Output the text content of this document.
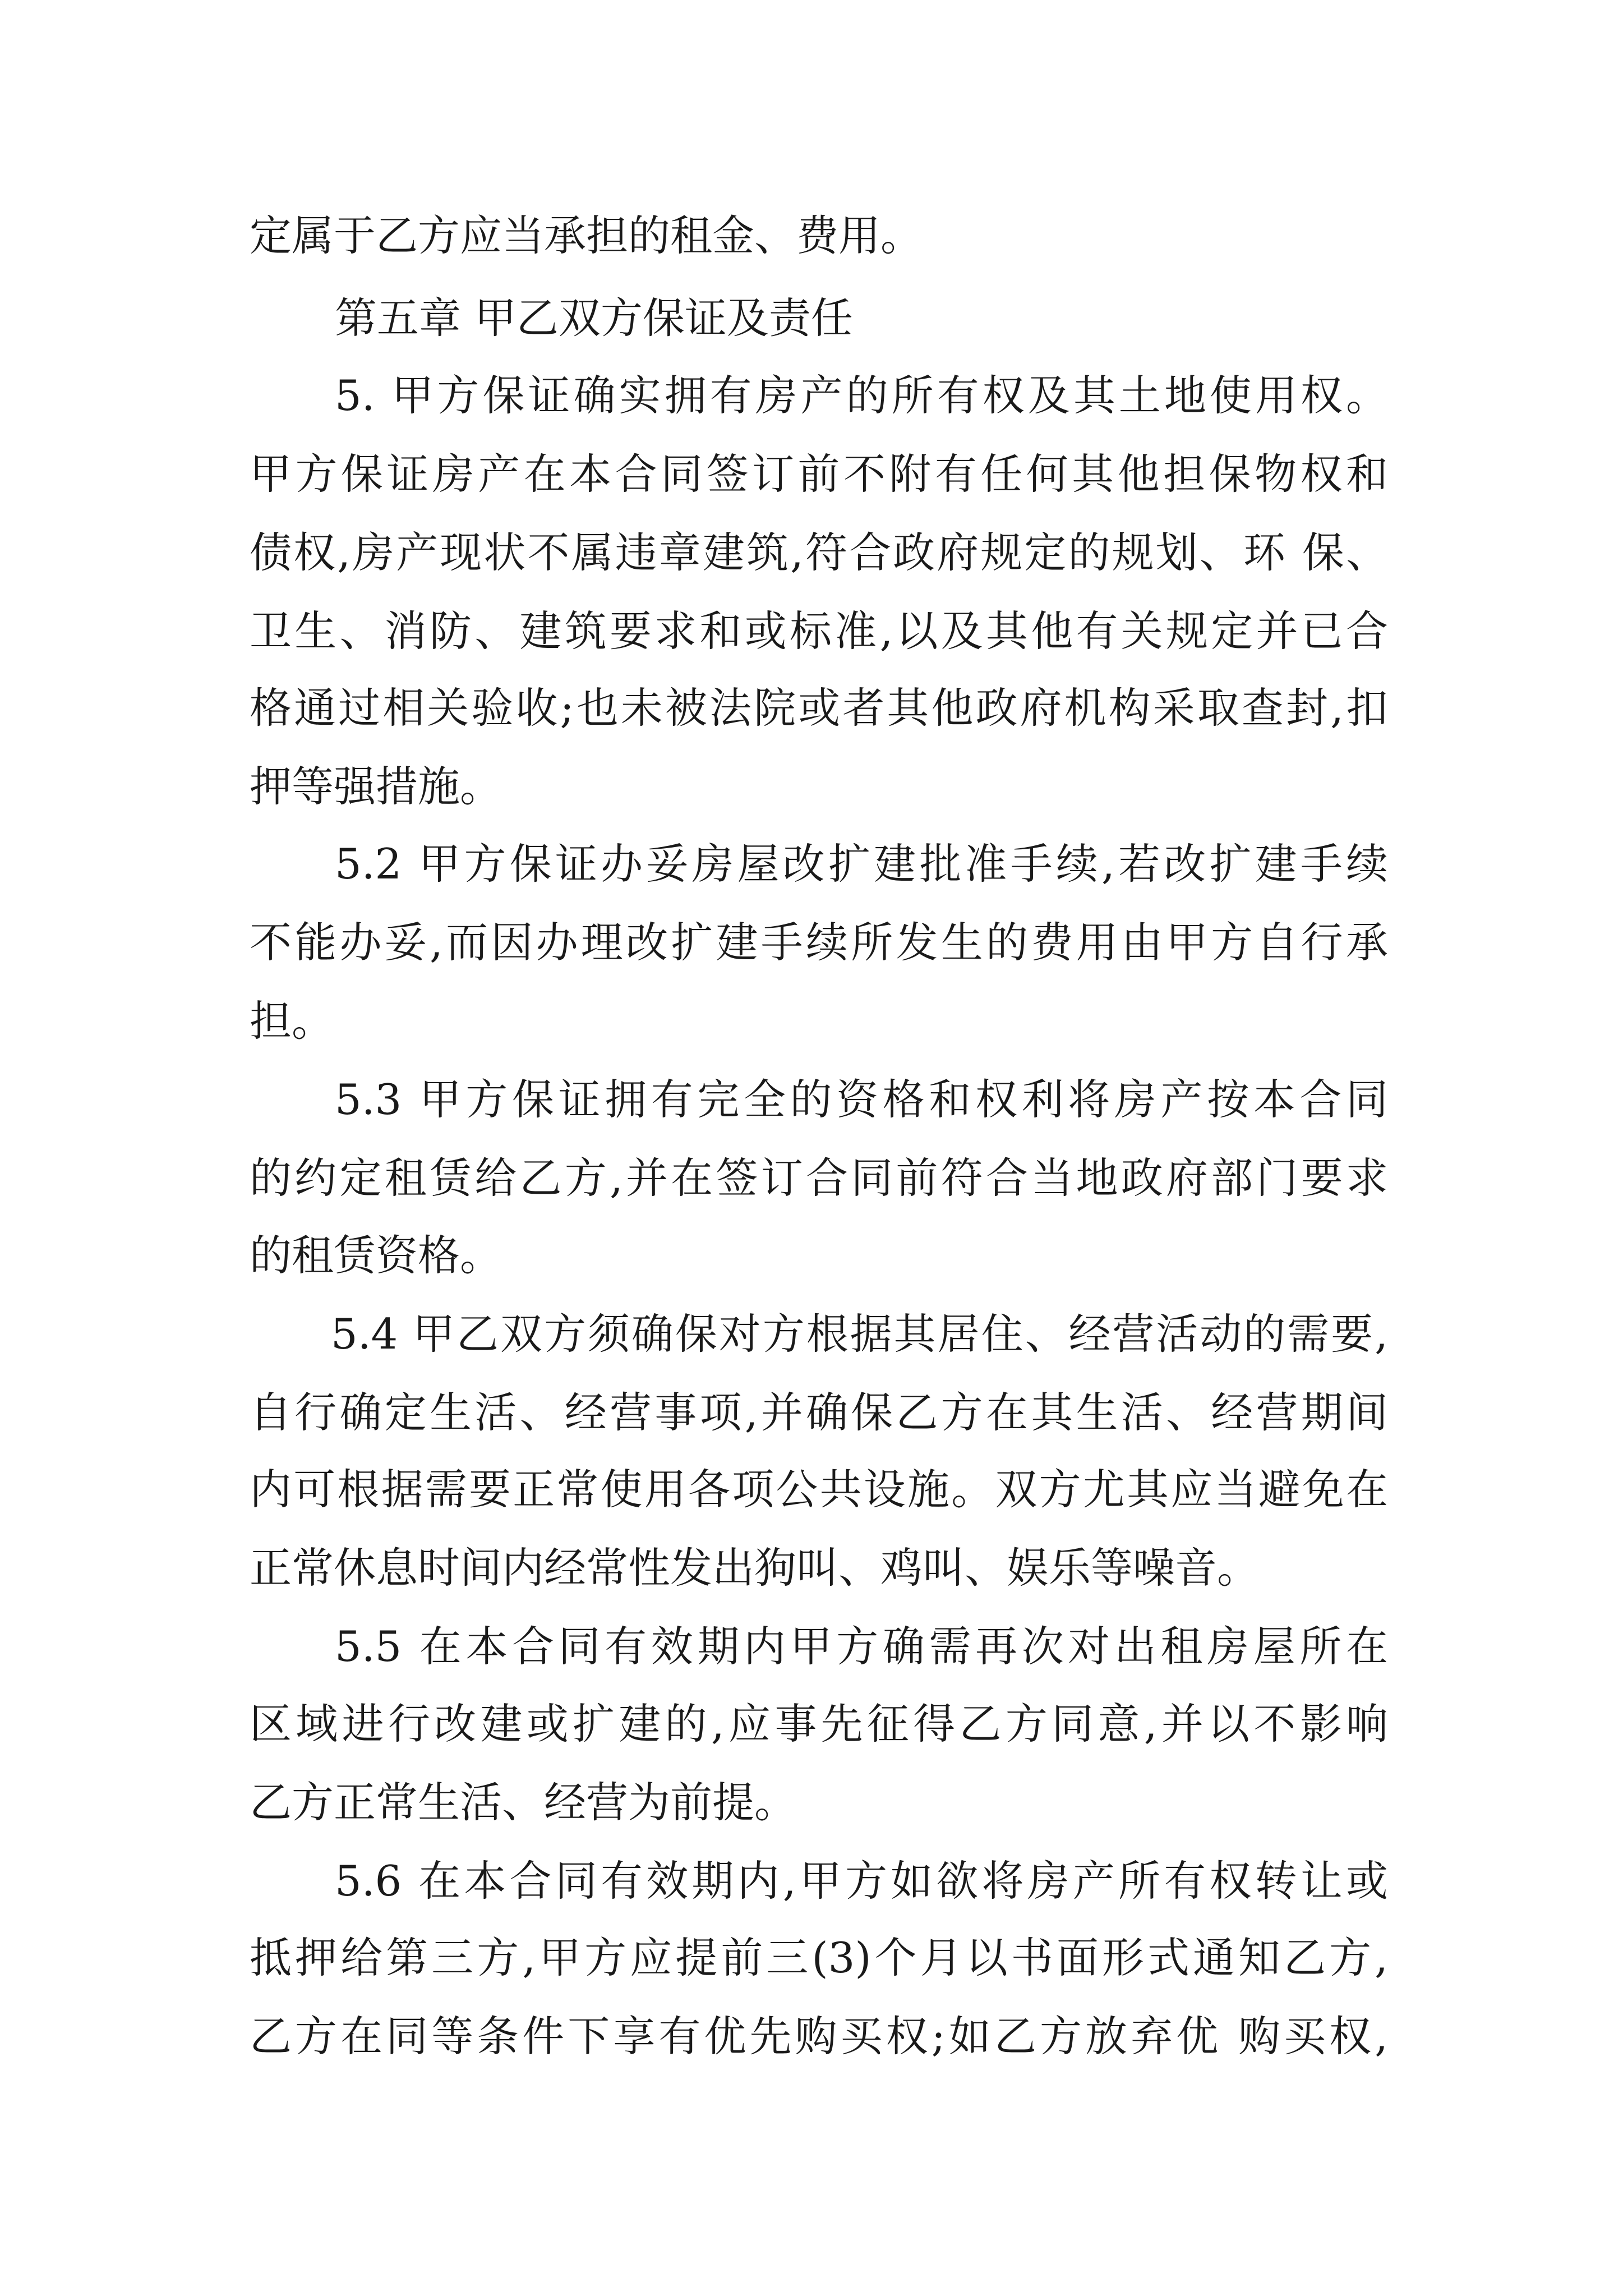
定属于乙方应当承担的租金、费用。
第五章 甲乙双方保证及责任
5. 甲方保证确实拥有房产的所有权及其土地使用权。
甲方保证房产在本合同签订前不附有任何其他担保物权和
债权,房产现状不属违章建筑,符合政府规定的规划、环 保、
卫生、消防、建筑要求和或标准,以及其他有关规定并已合
格通过相关验收;也未被法院或者其他政府机构采取查封,扣
押等强措施。
5.2 甲方保证办妥房屋改扩建批准手续,若改扩建手续
不能办妥,而因办理改扩建手续所发生的费用由甲方自行承
担。
5.3 甲方保证拥有完全的资格和权利将房产按本合同
的约定租赁给乙方,并在签订合同前符合当地政府部门要求
的租赁资格。
5.4 甲乙双方须确保对方根据其居住、经营活动的需要,
自行确定生活、经营事项,并确保乙方在其生活、经营期间
内可根据需要正常使用各项公共设施。双方尤其应当避免在
正常休息时间内经常性发出狗叫、鸡叫、娱乐等噪音。
5.5 在本合同有效期内甲方确需再次对出租房屋所在
区域进行改建或扩建的,应事先征得乙方同意,并以不影响
乙方正常生活、经营为前提。
5.6 在本合同有效期内,甲方如欲将房产所有权转让或
抵押给第三方,甲方应提前三(3)个月以书面形式通知乙方,
乙方在同等条件下享有优先购买权;如乙方放弃优 购买权,
